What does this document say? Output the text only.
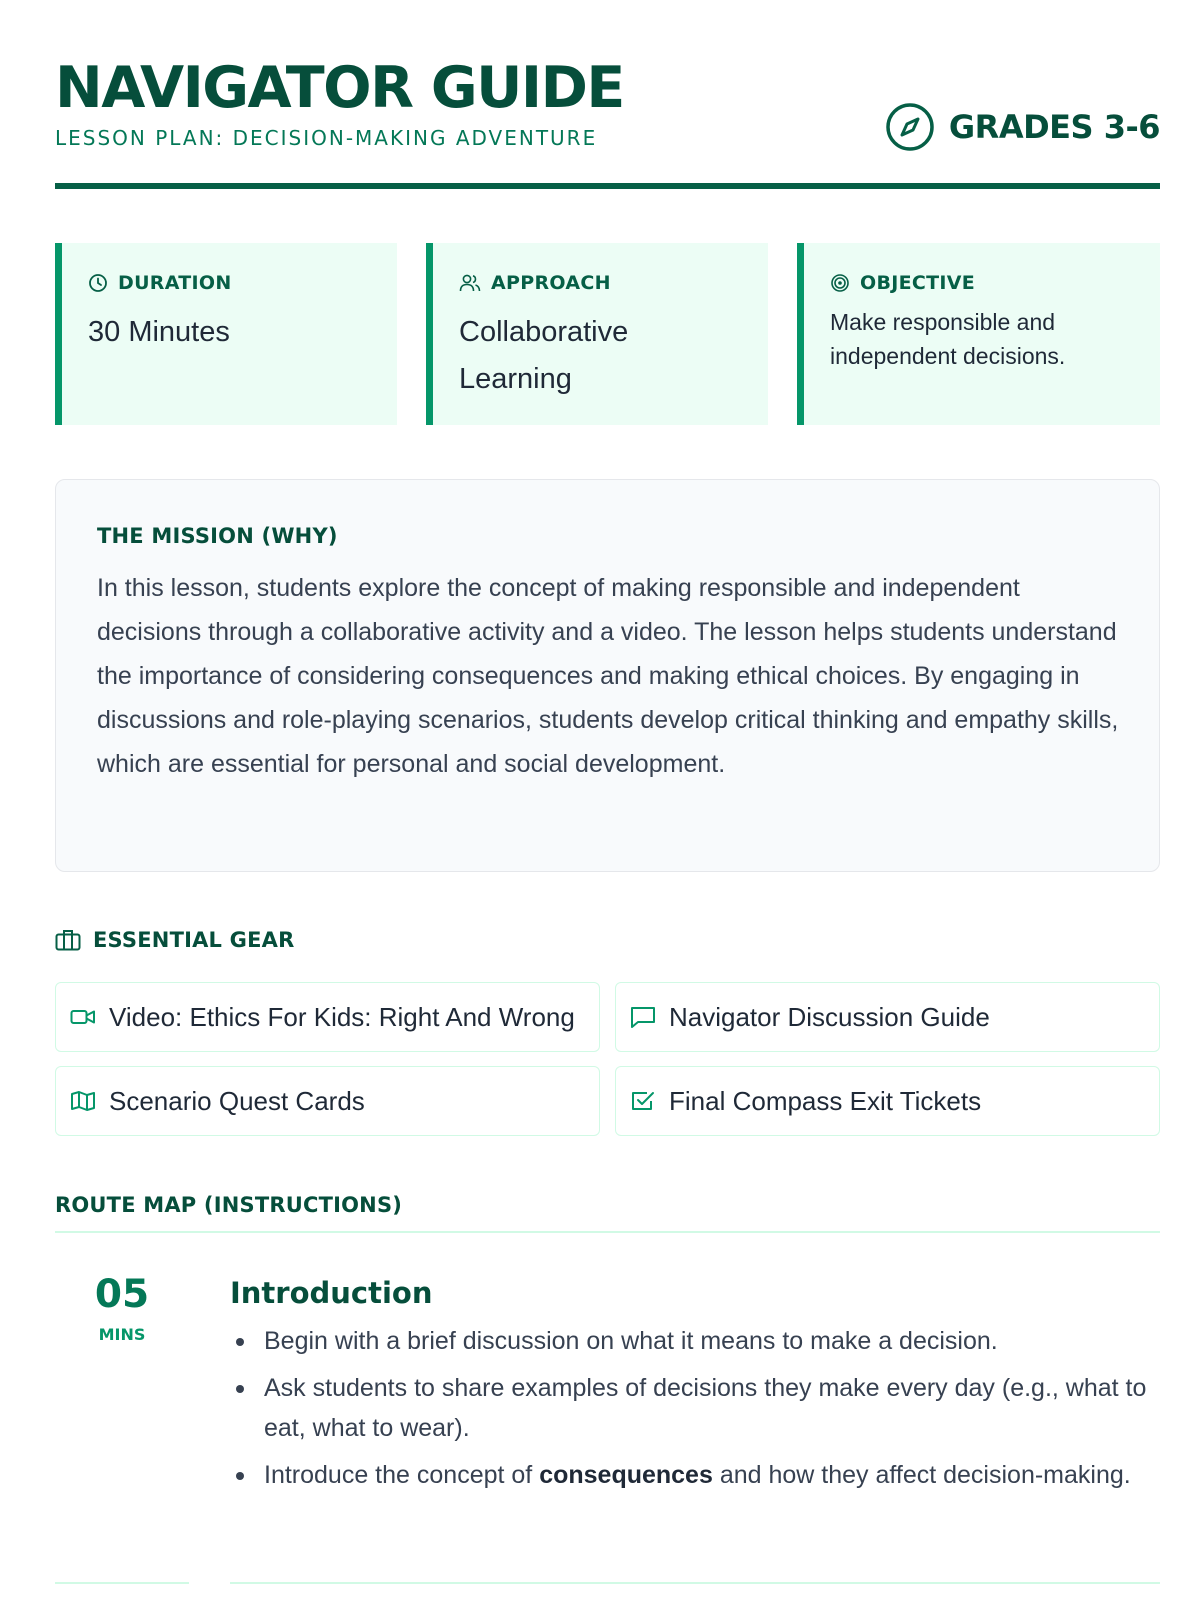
NAVIGATOR GUIDE
LESSON PLAN: DECISION-MAKING ADVENTURE	GRADES 3-6
DURATION
30 Minutes
APPROACH
Collaborative Learning
OBJECTIVE
Make responsible and independent decisions.
THE MISSION (WHY)
In this lesson, students explore the concept of making responsible and independent decisions through a collaborative activity and a video. The lesson helps students understand the importance of considering consequences and making ethical choices. By engaging in discussions and role-playing scenarios, students develop critical thinking and empathy skills, which are essential for personal and social development.
ESSENTIAL GEAR
Video: Ethics For Kids: Right And Wrong	Navigator Discussion Guide
Scenario Quest Cards	Final Compass Exit Tickets
ROUTE MAP (INSTRUCTIONS)
05
MINS
Introduction
Begin with a brief discussion on what it means to make a decision.
Ask students to share examples of decisions they make every day (e.g., what to eat, what to wear).
Introduce the concept of consequences and how they affect decision-making.
